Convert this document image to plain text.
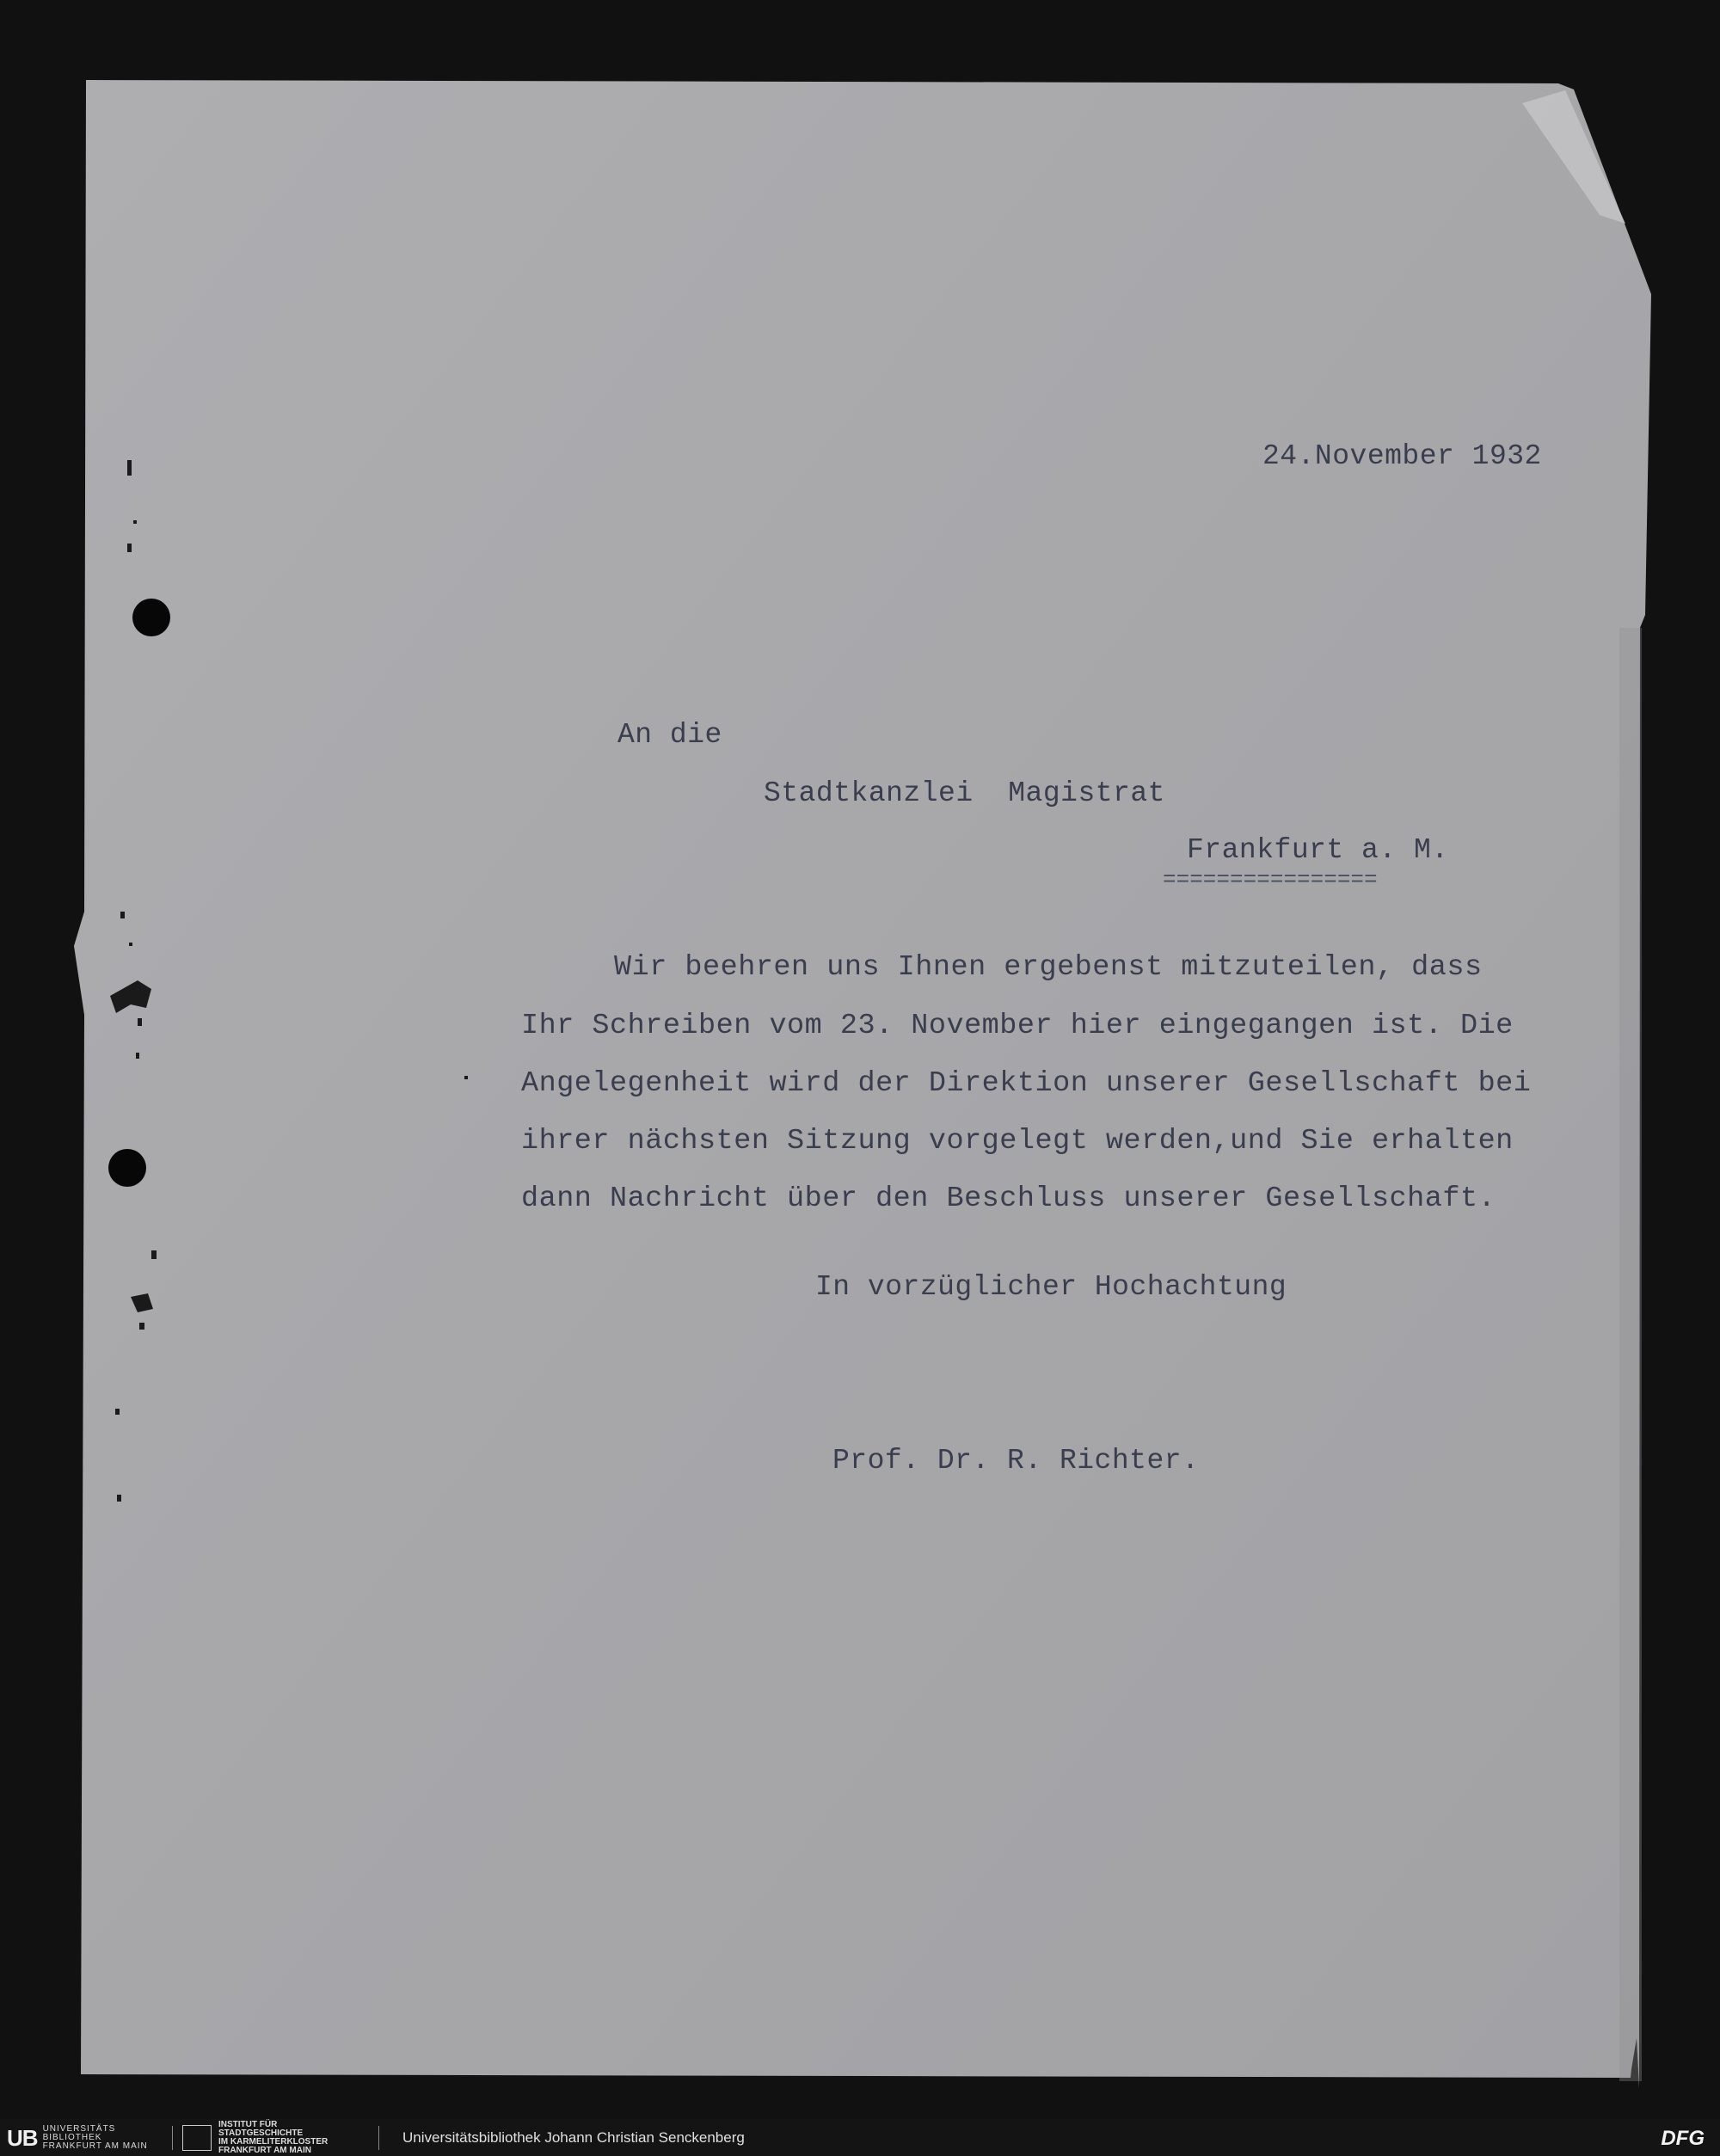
24.November 1932
An die
Stadtkanzlei  Magistrat
Frankfurt a. M.
================
Wir beehren uns Ihnen ergebenst mitzuteilen, dass
Ihr Schreiben vom 23. November hier eingegangen ist. Die
Angelegenheit wird der Direktion unserer Gesellschaft bei
ihrer nächsten Sitzung vorgelegt werden,und Sie erhalten
dann Nachricht über den Beschluss unserer Gesellschaft.
In vorzüglicher Hochachtung
Prof. Dr. R. Richter.
UB UNIVERSITÄTS
BIBLIOTHEK
FRANKFURT AM MAIN
INSTITUT FÜR
STADTGESCHICHTE
IM KARMELITERKLOSTER
FRANKFURT AM MAIN
Universitätsbibliothek Johann Christian Senckenberg	DFG
